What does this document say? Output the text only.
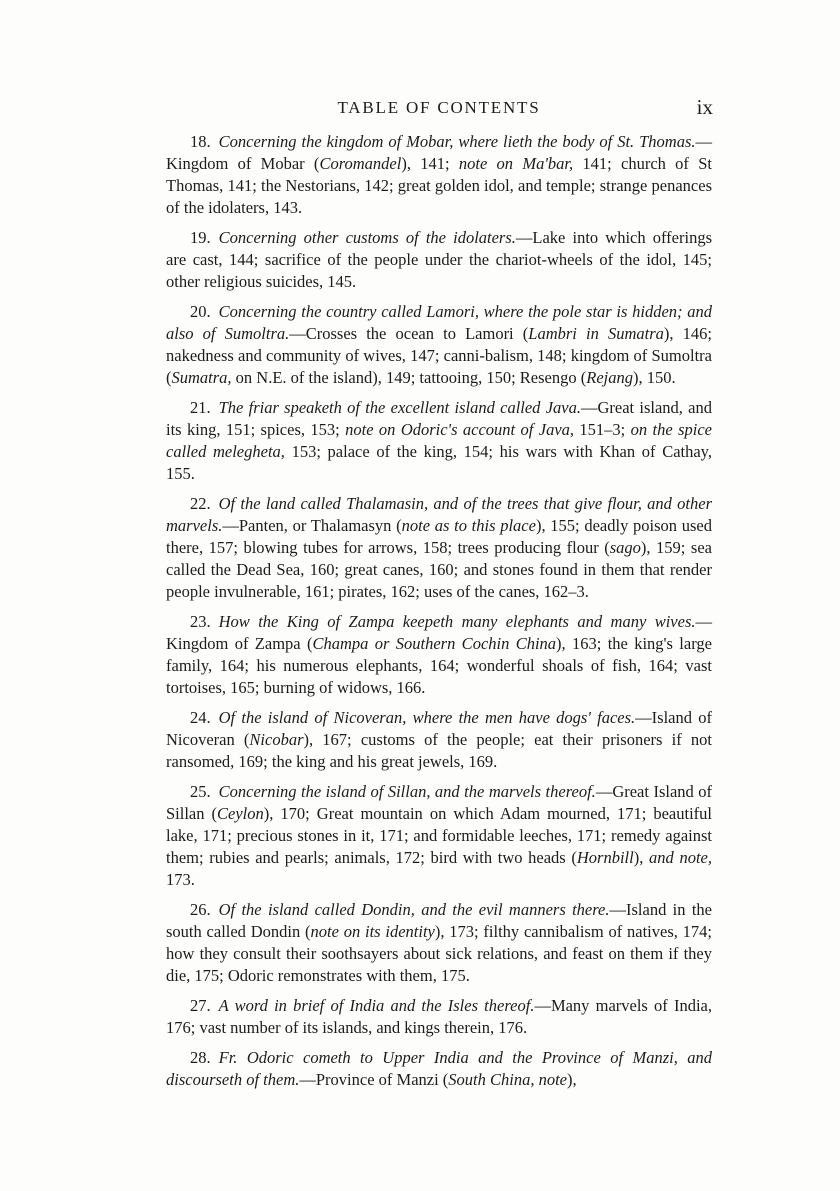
TABLE OF CONTENTS	ix

18. Concerning the kingdom of Mobar, where lieth the body of St. Thomas.—Kingdom of Mobar (Coromandel), 141; note on Ma'bar, 141; church of St Thomas, 141; the Nestorians, 142; great golden idol, and temple; strange penances of the idolaters, 143.

19. Concerning other customs of the idolaters.—Lake into which offerings are cast, 144; sacrifice of the people under the chariot-wheels of the idol, 145; other religious suicides, 145.

20. Concerning the country called Lamori, where the pole star is hidden; and also of Sumoltra.—Crosses the ocean to Lamori (Lambri in Sumatra), 146; nakedness and community of wives, 147; canni-balism, 148; kingdom of Sumoltra (Sumatra, on N.E. of the island), 149; tattooing, 150; Resengo (Rejang), 150.

21. The friar speaketh of the excellent island called Java.—Great island, and its king, 151; spices, 153; note on Odoric's account of Java, 151–3; on the spice called melegheta, 153; palace of the king, 154; his wars with Khan of Cathay, 155.

22. Of the land called Thalamasin, and of the trees that give flour, and other marvels.—Panten, or Thalamasyn (note as to this place), 155; deadly poison used there, 157; blowing tubes for arrows, 158; trees producing flour (sago), 159; sea called the Dead Sea, 160; great canes, 160; and stones found in them that render people invulnerable, 161; pirates, 162; uses of the canes, 162–3.

23. How the King of Zampa keepeth many elephants and many wives.—Kingdom of Zampa (Champa or Southern Cochin China), 163; the king's large family, 164; his numerous elephants, 164; wonderful shoals of fish, 164; vast tortoises, 165; burning of widows, 166.

24. Of the island of Nicoveran, where the men have dogs' faces.—Island of Nicoveran (Nicobar), 167; customs of the people; eat their prisoners if not ransomed, 169; the king and his great jewels, 169.

25. Concerning the island of Sillan, and the marvels thereof.—Great Island of Sillan (Ceylon), 170; Great mountain on which Adam mourned, 171; beautiful lake, 171; precious stones in it, 171; and formidable leeches, 171; remedy against them; rubies and pearls; animals, 172; bird with two heads (Hornbill), and note, 173.

26. Of the island called Dondin, and the evil manners there.—Island in the south called Dondin (note on its identity), 173; filthy cannibalism of natives, 174; how they consult their soothsayers about sick relations, and feast on them if they die, 175; Odoric remonstrates with them, 175.

27. A word in brief of India and the Isles thereof.—Many marvels of India, 176; vast number of its islands, and kings therein, 176.

28. Fr. Odoric cometh to Upper India and the Province of Manzi, and discourseth of them.—Province of Manzi (South China, note),
